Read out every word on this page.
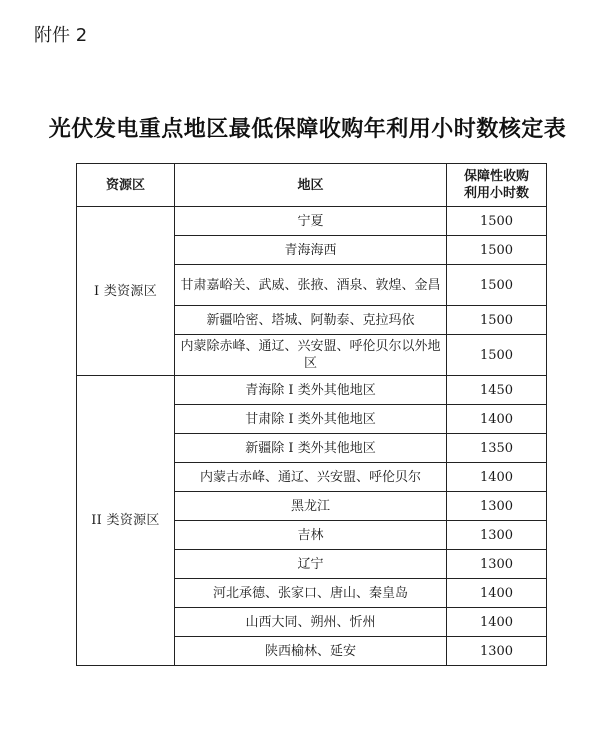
附件 2
光伏发电重点地区最低保障收购年利用小时数核定表
资源区	地区	保障性收购
利用小时数

I 类资源区	宁夏	1500
	青海海西	1500
	甘肃嘉峪关、武威、张掖、酒泉、敦煌、金昌	1500
	新疆哈密、塔城、阿勒泰、克拉玛依	1500
	内蒙除赤峰、通辽、兴安盟、呼伦贝尔以外地区	1500
II 类资源区	青海除 I 类外其他地区	1450
	甘肃除 I 类外其他地区	1400
	新疆除 I 类外其他地区	1350
	内蒙古赤峰、通辽、兴安盟、呼伦贝尔	1400
	黑龙江	1300
	吉林	1300
	辽宁	1300
	河北承德、张家口、唐山、秦皇岛	1400
	山西大同、朔州、忻州	1400
	陕西榆林、延安	1300
